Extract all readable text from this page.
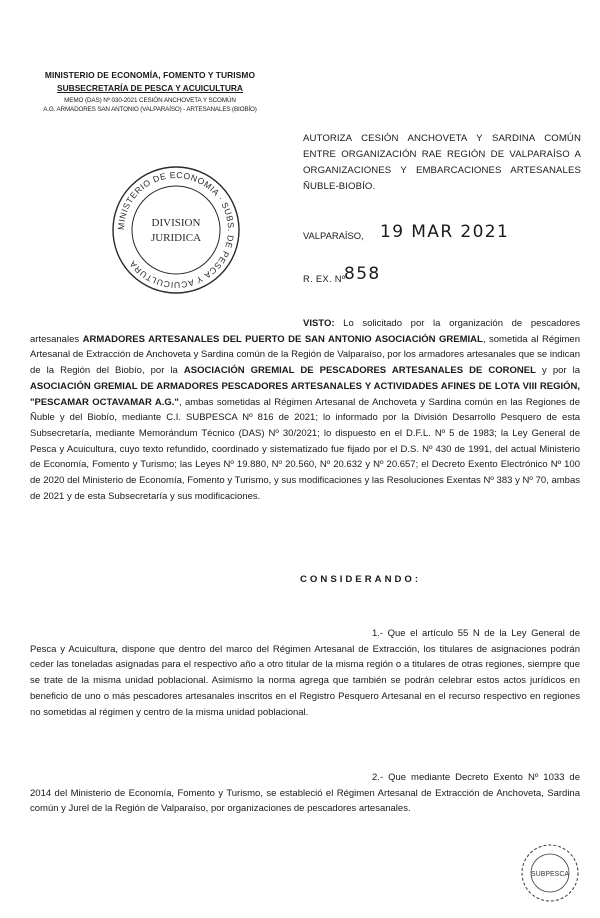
MINISTERIO DE ECONOMÍA, FOMENTO Y TURISMO
SUBSECRETARÍA DE PESCA Y ACUICULTURA
MEMO (DAS) Nº 030-2021 CESIÓN ANCHOVETA Y SCOMÚN
A.G. ARMADORES SAN ANTONIO (VALPARAÍSO) - ARTESANALES (BIOBÍO)
MINISTERIO DE ECONOMIA · SUBS. DE PESCA Y ACUICULTURA
DIVISION
JURIDICA
AUTORIZA CESIÓN ANCHOVETA Y SARDINA COMÚN ENTRE ORGANIZACIÓN RAE REGIÓN DE VALPARAÍSO A ORGANIZACIONES Y EMBARCACIONES ARTESANALES ÑUBLE-BIOBÍO.
VALPARAÍSO, 19 MAR 2021
R. EX. Nº
858
VISTO: Lo solicitado por la organización de pescadores artesanales ARMADORES ARTESANALES DEL PUERTO DE SAN ANTONIO ASOCIACIÓN GREMIAL, sometida al Régimen Artesanal de Extracción de Anchoveta y Sardina común de la Región de Valparaíso, por los armadores artesanales que se indican de la Región del Biobío, por la ASOCIACIÓN GREMIAL DE PESCADORES ARTESANALES DE CORONEL y por la ASOCIACIÓN GREMIAL DE ARMADORES PESCADORES ARTESANALES Y ACTIVIDADES AFINES DE LOTA VIII REGIÓN, "PESCAMAR OCTAVAMAR A.G.", ambas sometidas al Régimen Artesanal de Anchoveta y Sardina común en las Regiones de Ñuble y del Biobío, mediante C.I. SUBPESCA Nº 816 de 2021; lo informado por la División Desarrollo Pesquero de esta Subsecretaría, mediante Memorándum Técnico (DAS) Nº 30/2021; lo dispuesto en el D.F.L. Nº 5 de 1983; la Ley General de Pesca y Acuicultura, cuyo texto refundido, coordinado y sistematizado fue fijado por el D.S. Nº 430 de 1991, del actual Ministerio de Economía, Fomento y Turismo; las Leyes Nº 19.880, Nº 20.560, Nº 20.632 y Nº 20.657; el Decreto Exento Electrónico Nº 100 de 2020 del Ministerio de Economía, Fomento y Turismo, y sus modificaciones y las Resoluciones Exentas Nº 383 y Nº 70, ambas de 2021 y de esta Subsecretaría y sus modificaciones.
CONSIDERANDO:
1.- Que el artículo 55 N de la Ley General de Pesca y Acuicultura, dispone que dentro del marco del Régimen Artesanal de Extracción, los titulares de asignaciones podrán ceder las toneladas asignadas para el respectivo año a otro titular de la misma región o a titulares de otras regiones, siempre que se trate de la misma unidad poblacional. Asimismo la norma agrega que también se podrán celebrar estos actos jurídicos en beneficio de uno o más pescadores artesanales inscritos en el Registro Pesquero Artesanal en el recurso respectivo en regiones no sometidas al régimen y centro de la misma unidad poblacional.
2.- Que mediante Decreto Exento Nº 1033 de 2014 del Ministerio de Economía, Fomento y Turismo, se estableció el Régimen Artesanal de Extracción de Anchoveta, Sardina común y Jurel de la Región de Valparaíso, por organizaciones de pescadores artesanales.
SUBPESCA
